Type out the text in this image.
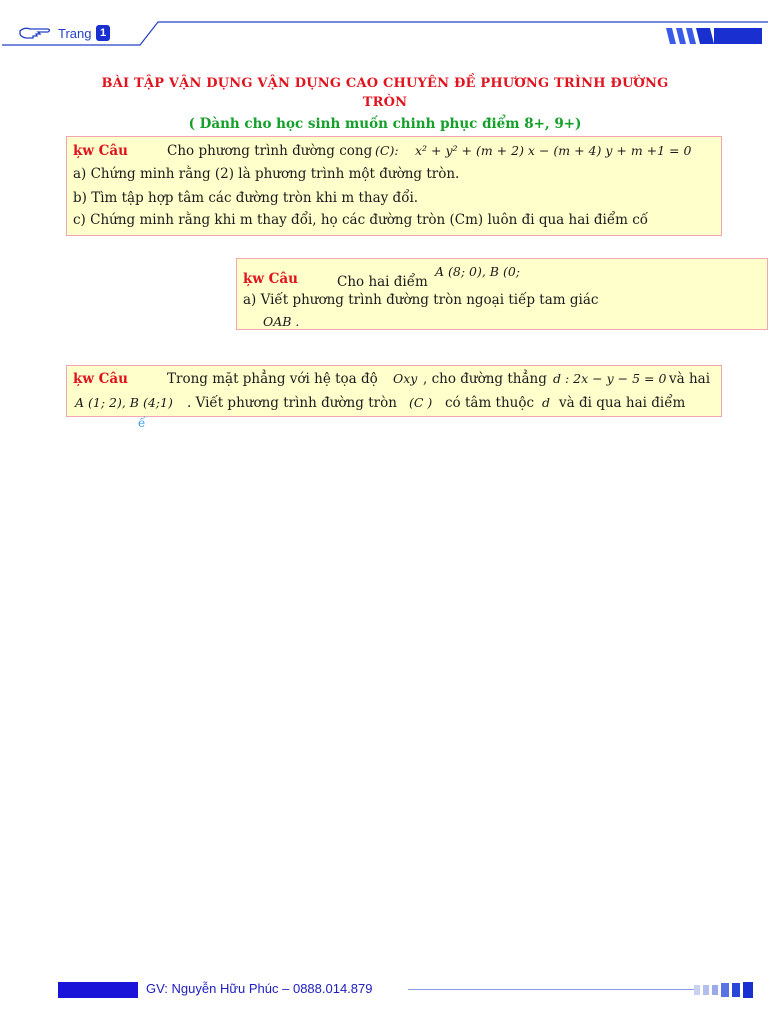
Trang 1
BÀI TẬP VẬN DỤNG VẬN DỤNG CAO CHUYÊN ĐỀ PHƯƠNG TRÌNH ĐƯỜNG
TRÒN
( Dành cho học sinh muốn chinh phục điểm 8+, 9+)
ķw Câu	Cho phương trình đường cong (C): x² + y² + (m + 2) x − (m + 4) y + m +1 = 0
a) Chứng minh rằng (2) là phương trình một đường tròn.
b) Tìm tập hợp tâm các đường tròn khi m thay đổi.
c) Chứng minh rằng khi m thay đổi, họ các đường tròn (Cm) luôn đi qua hai điểm cố
ķw Câu	Cho hai điểm
A (8; 0), B (0;
a) Viết phương trình đường tròn ngoại tiếp tam giác
OAB .
ķw Câu	Trong mặt phẳng với hệ tọa độ Oxy , cho đường thẳng d : 2x − y − 5 = 0 và hai
A (1; 2), B (4;1) . Viết phương trình đường tròn (C ) có tâm thuộc d và đi qua hai điểm
ế
GV: Nguyễn Hữu Phúc – 0888.014.879
